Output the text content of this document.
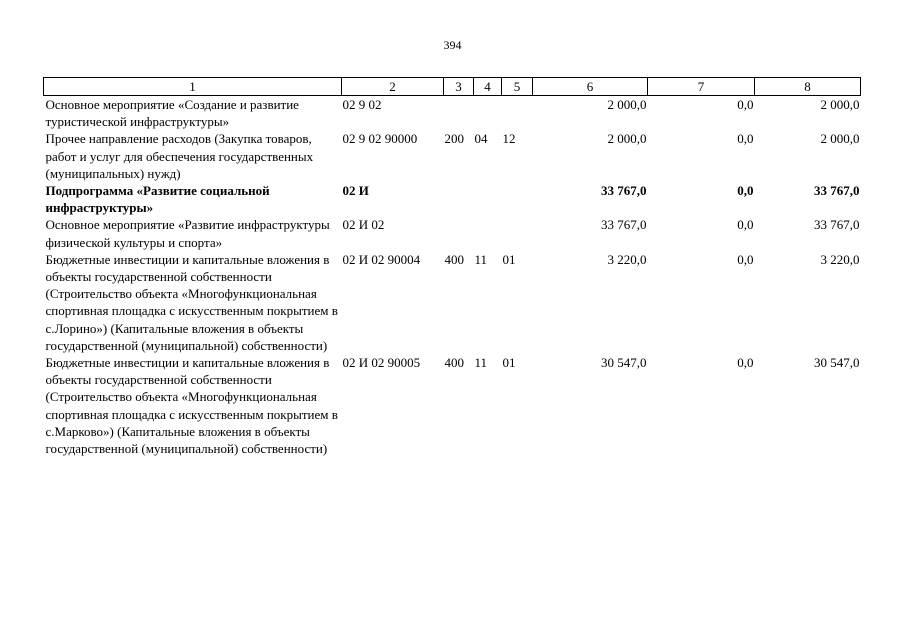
394
1	2	3	4	5	6	7	8
Основное мероприятие «Создание и развитие туристической инфраструктуры»	02 9 02				2 000,0	0,0	2 000,0
Прочее направление расходов (Закупка товаров, работ и услуг для обеспечения государственных (муниципальных) нужд)	02 9 02 90000	200	04	12	2 000,0	0,0	2 000,0
Подпрограмма «Развитие социальной инфраструктуры»	02 И				33 767,0	0,0	33 767,0
Основное мероприятие «Развитие инфраструктуры физической культуры и спорта»	02 И 02				33 767,0	0,0	33 767,0
Бюджетные инвестиции и капитальные вложения в объекты государственной собственности (Строительство объекта «Многофункциональная спортивная площадка с искусственным покрытием в с.Лорино») (Капитальные вложения в объекты государственной (муниципальной) собственности)	02 И 02 90004	400	11	01	3 220,0	0,0	3 220,0
Бюджетные инвестиции и капитальные вложения в объекты государственной собственности (Строительство объекта «Многофункциональная спортивная площадка с искусственным покрытием в с.Марково») (Капитальные вложения в объекты государственной (муниципальной) собственности)	02 И 02 90005	400	11	01	30 547,0	0,0	30 547,0
